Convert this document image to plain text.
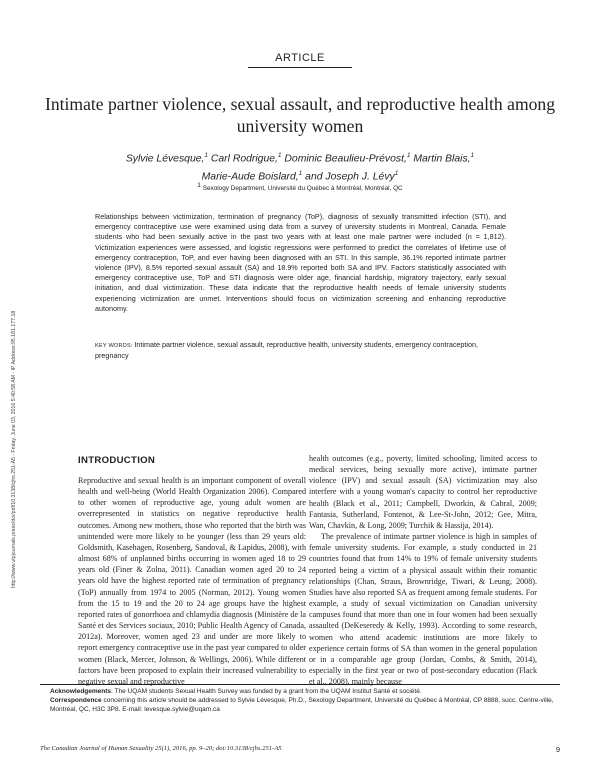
ARTICLE
Intimate partner violence, sexual assault, and reproductive health among university women
Sylvie Lévesque,$^1$ Carl Rodrigue,$^1$ Dominic Beaulieu-Prévost,$^1$ Martin Blais,$^1$
Marie-Aude Boislard,$^1$ and Joseph J. Lévy$^1$
$^1$ Sexology Department, Université du Québec à Montréal, Montréal, QC
Relationships between victimization, termination of pregnancy (ToP), diagnosis of sexually transmitted infection (STI), and emergency contraceptive use were examined using data from a survey of university students in Montreal, Canada. Female students who had been sexually active in the past two years with at least one male partner were included (n = 1,812). Victimization experiences were assessed, and logistic regressions were performed to predict the correlates of lifetime use of emergency contraception, ToP, and ever having been diagnosed with an STI. In this sample, 36.1% reported intimate partner violence (IPV), 8.5% reported sexual assault (SA) and 18.9% reported both SA and IPV. Factors statistically associated with emergency contraceptive use, ToP and STI diagnosis were older age, financial hardship, migratory trajectory, early sexual initiation, and dual victimization. These data indicate that the reproductive health needs of female university students experiencing victimization are unmet. Interventions should focus on victimization screening and enhancing reproductive autonomy.
KEY WORDS: Intimate partner violence, sexual assault, reproductive health, university students, emergency contraception, pregnancy
http://www.utpjournals.press/doi/pdf/10.3138/cjhs.251-A5 - Friday, June 03, 2016 5:40:58 AM - IP Address:95.181.177.18	INTRODUCTION

Reproductive and sexual health is an important component of overall health and well-being (World Health Organization 2006). Compared to other women of reproductive age, young adult women are overrepresented in statistics on negative reproductive health outcomes. Among new mothers, those who reported that the birth was unintended were more likely to be younger (less than 29 years old: Goldsmith, Kasehagen, Rosenberg, Sandoval, & Lapidus, 2008), with almost 68% of unplanned births occurring in women aged 18 to 29 years old (Finer & Zolna, 2011). Canadian women aged 20 to 24 years old have the highest reported rate of termination of pregnancy (ToP) annually from 1974 to 2005 (Norman, 2012). Young women from the 15 to 19 and the 20 to 24 age groups have the highest reported rates of gonorrhoea and chlamydia diagnosis (Ministère de la Santé et des Services sociaux, 2010; Public Health Agency of Canada, 2012a). Moreover, women aged 23 and under are more likely to report emergency contraceptive use in the past year compared to older women (Black, Mercer, Johnson, & Wellings, 2006). While different factors have been proposed to explain their increased vulnerability to negative sexual and reproductive

health outcomes (e.g., poverty, limited schooling, limited access to medical services, being sexually more active), intimate partner violence (IPV) and sexual assault (SA) victimization may also interfere with a young woman's capacity to control her reproductive health (Black et al., 2011; Campbell, Dworkin, & Cabral, 2009; Fantasia, Sutherland, Fontenot, & Lee-St-John, 2012; Gee, Mitra, Wan, Chavkin, & Long, 2009; Turchik & Hassija, 2014).

The prevalence of intimate partner violence is high in samples of female university students. For example, a study conducted in 21 countries found that from 14% to 19% of female university students reported being a victim of a physical assault within their romantic relationships (Chan, Straus, Brownridge, Tiwari, & Leung, 2008). Studies have also reported SA as frequent among female students. For example, a study of sexual victimization on Canadian university campuses found that more than one in four women had been sexually assaulted (DeKeseredy & Kelly, 1993). According to some research, women who attend academic institutions are more likely to experience certain forms of SA than women in the general population or in a comparable age group (Jordan, Combs, & Smith, 2014), especially in the first year or two of post-secondary education (Flack et al., 2008), mainly because

Acknowledgements: The UQAM students Sexual Health Survey was funded by a grant from the UQAM Institut Santé et société.
Correspondence concerning this article should be addressed to Sylvie Lévesque, Ph.D., Sexology Department, Université du Québec à Montréal, CP 8888, succ. Centre-ville, Montréal, QC, H3C 3P8. E-mail: levesque.sylvie@uqam.ca
The Canadian Journal of Human Sexuality 25(1), 2016, pp. 9–20; doi:10.3138/cjhs.251-A5	9
